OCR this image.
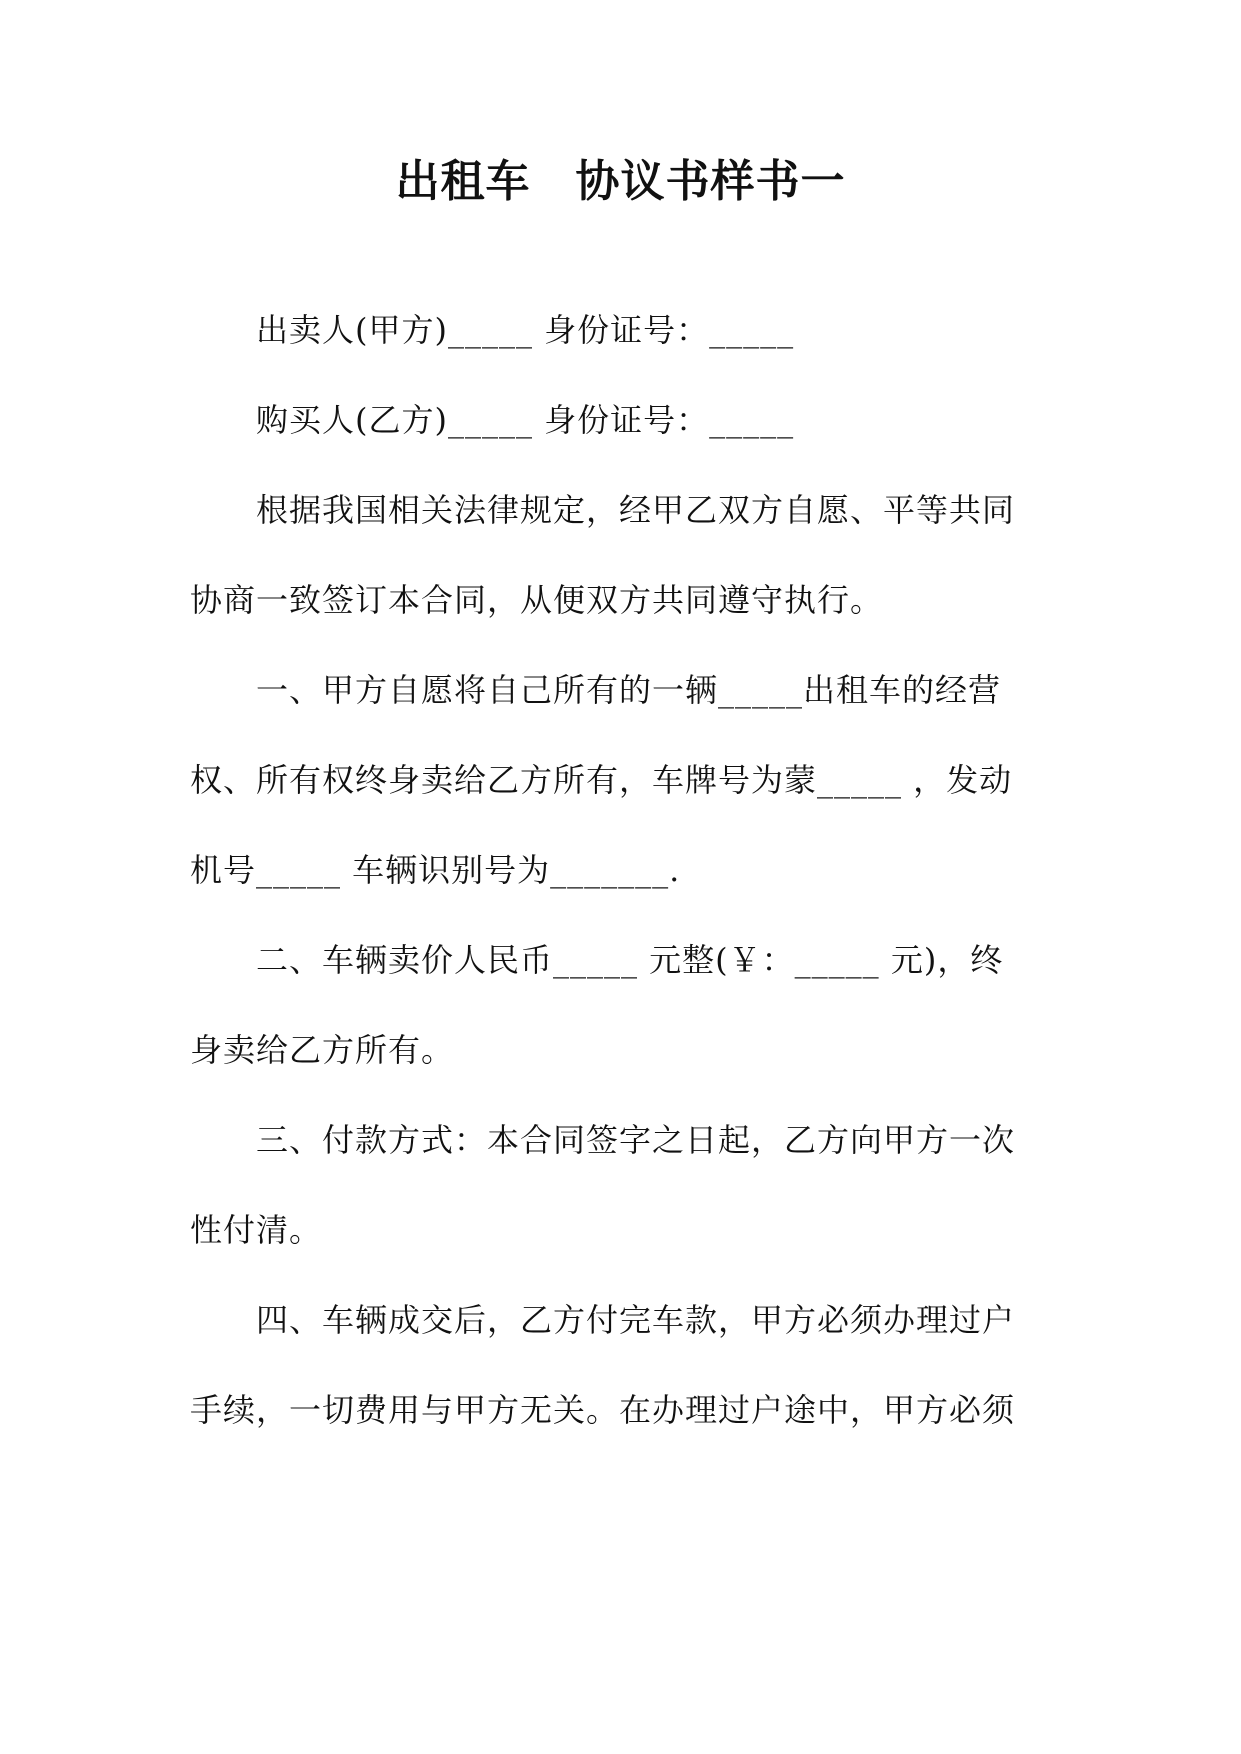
出租车　协议书样书一
出卖人(甲方)_____ 身份证号：_____
购买人(乙方)_____ 身份证号：_____
根据我国相关法律规定，经甲乙双方自愿、平等共同
协商一致签订本合同，从便双方共同遵守执行。
一、甲方自愿将自己所有的一辆_____出租车的经营
权、所有权终身卖给乙方所有，车牌号为蒙_____ ，发动
机号_____ 车辆识别号为_______.
二、车辆卖价人民币_____ 元整(￥：_____ 元)，终
身卖给乙方所有。
三、付款方式：本合同签字之日起，乙方向甲方一次
性付清。
四、车辆成交后，乙方付完车款，甲方必须办理过户
手续，一切费用与甲方无关。在办理过户途中，甲方必须
